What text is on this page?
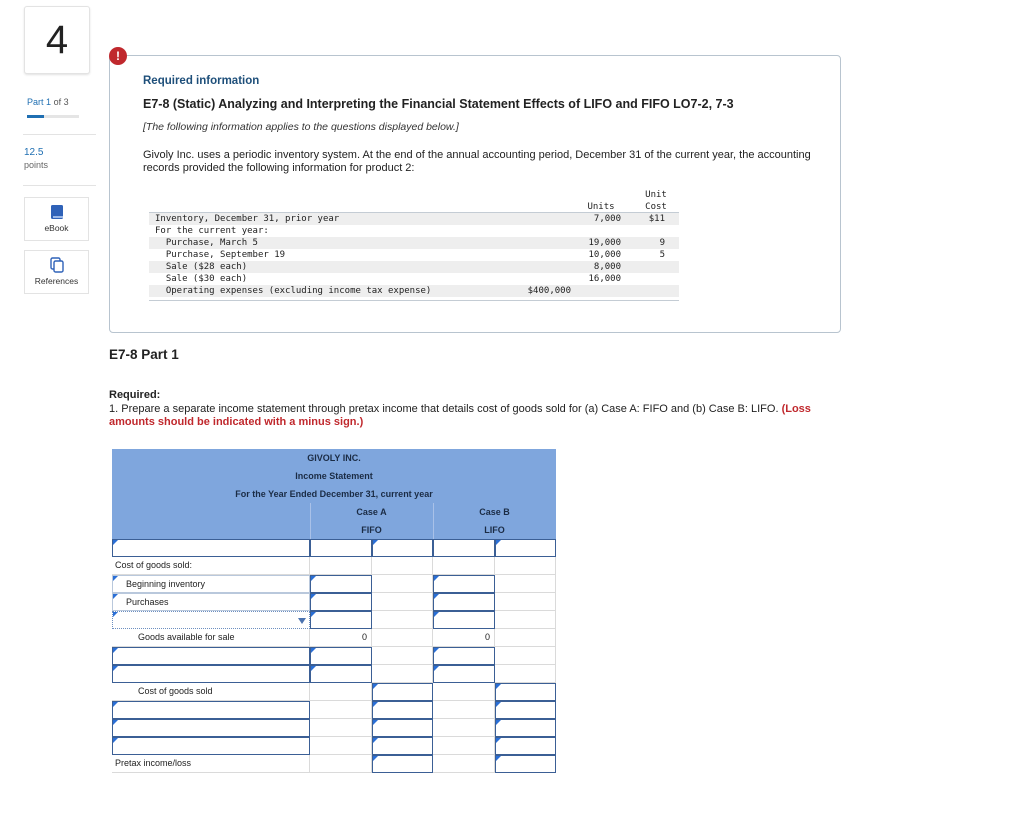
4
Part 1 of 3
12.5
points
eBook
References
!
Required information
E7-8 (Static) Analyzing and Interpreting the Financial Statement Effects of LIFO and FIFO LO7-2, 7-3
[The following information applies to the questions displayed below.]
Givoly Inc. uses a periodic inventory system. At the end of the annual accounting period, December 31 of the current year, the accounting records provided the following information for product 2:
Unit
Units	Cost
Inventory, December 31, prior year	7,000	$11
For the current year:
Purchase, March 5	19,000	9
Purchase, September 19	10,000	5
Sale ($28 each)	8,000
Sale ($30 each)	16,000
Operating expenses (excluding income tax expense)	$400,000
E7-8 Part 1
Required:
1. Prepare a separate income statement through pretax income that details cost of goods sold for (a) Case A: FIFO and (b) Case B: LIFO. (Loss amounts should be indicated with a minus sign.)
GIVOLY INC.
Income Statement
For the Year Ended December 31, current year
Case A	Case B
FIFO	LIFO
Cost of goods sold:
Beginning inventory
Purchases
Goods available for sale	0	0
Cost of goods sold
Pretax income/loss
